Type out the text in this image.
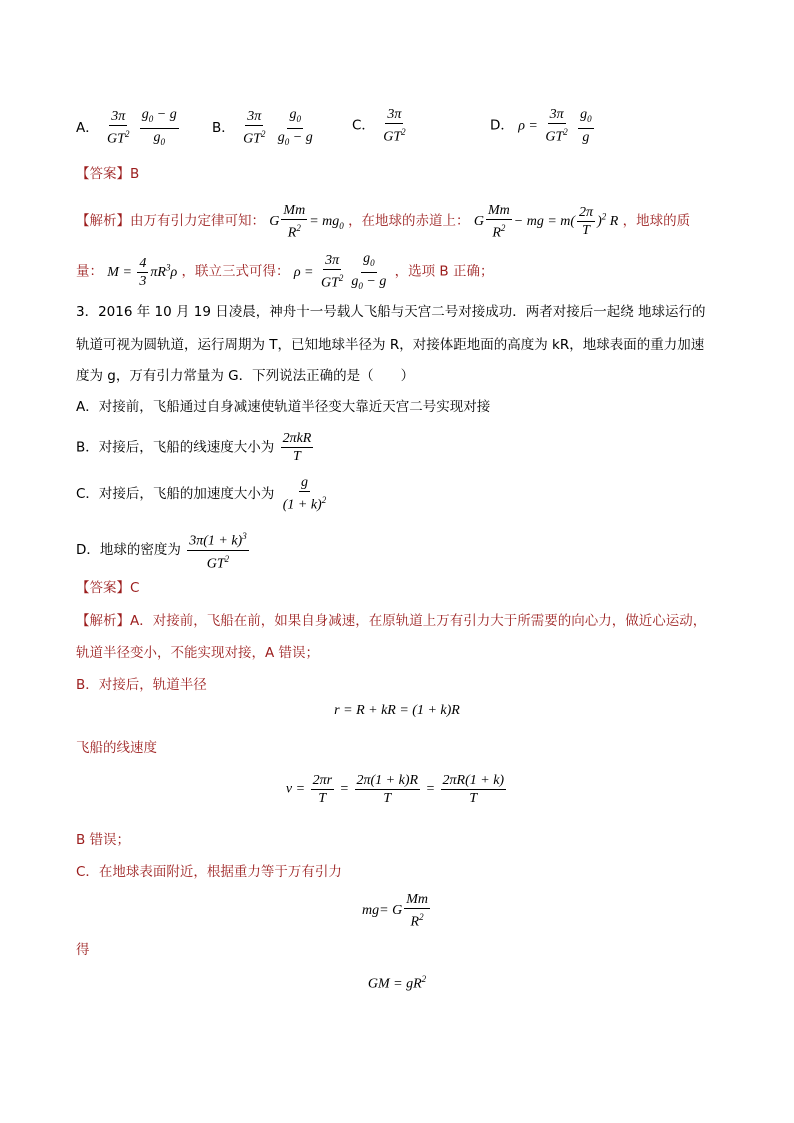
A． $\frac{3\pi}{GT^2}$
$\frac{g_0 - g}{g_0}$ B． $\frac{3\pi}{GT^2}$
$\frac{g_0}{g_0 - g}$	C． $\frac{3\pi}{GT^2}$	D． $\rho = \frac{3\pi}{GT^2}$
$\frac{g_0}{g}$
【答案】B
【解析】由万有引力定律可知： G $\frac{Mm}{R^2} = mg_0$ ，在地球的赤道上： G $\frac{Mm}{R^2}$ − mg = $m( \frac{2\pi}{T} )^2$ R ，地球的质
量： $M = \frac{4}{3} \pi R^3\rho$ ，联立三式可得： $\rho = \frac{3\pi}{GT^2} \frac{g_0}{g_0 - g}$ ，选项 B 正确；
3．2016 年 10 月 19 日凌晨，神舟十一号载人飞船与天宫二号对接成功．两者对接后一起绕 地球运行的
轨道可视为圆轨道，运行周期为 T，已知地球半径为 R，对接体距地面的高度为 kR，地球表面的重力加速
度为 g，万有引力常量为 G．下列说法正确的是（　　）
A．对接前，飞船通过自身减速使轨道半径变大靠近天宫二号实现对接
B．对接后，飞船的线速度大小为 $\frac{\text{2πkR}}{T}$
C．对接后，飞船的加速度大小为 $\frac{g}{(1 + k)^2}$
D．地球的密度为 $\frac{3\pi(1 + k)^3}{GT^2}$
【答案】C
【解析】A．对接前，飞船在前，如果自身减速，在原轨道上万有引力大于所需要的向心力，做近心运动，
轨道半径变小，不能实现对接，A 错误；
B．对接后，轨道半径
r = R + kR = (1 + k)R
飞船的线速度
$v = \frac{2\pi r}{T} = \frac{2\pi(1 + k)R}{T} = \frac{2\pi R(1 + k)}{T}$
B 错误；
C．在地球表面附近，根据重力等于万有引力
mg= G $\frac{Mm}{R^2}$
得
GM = $gR^2$
